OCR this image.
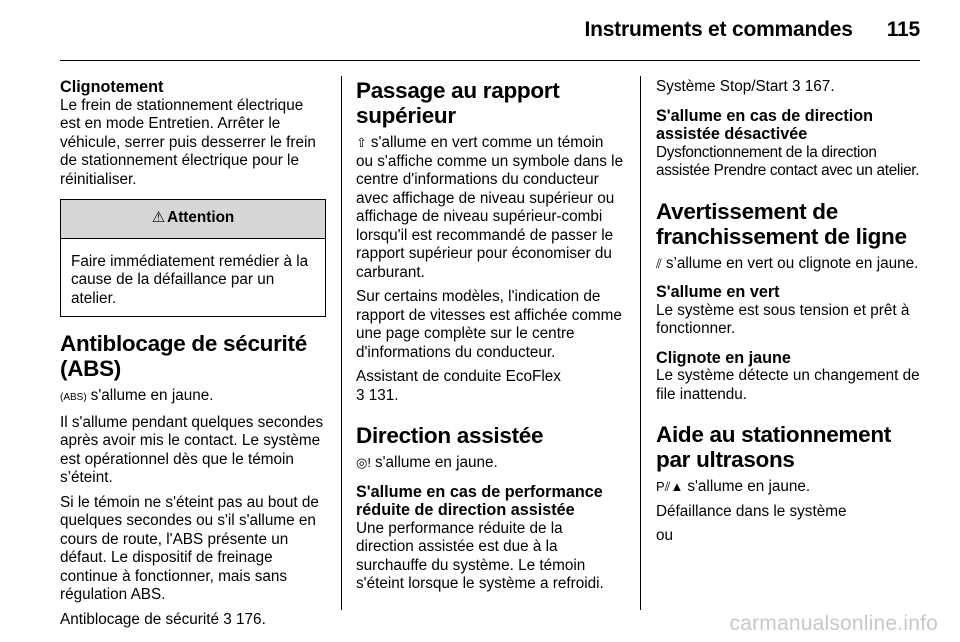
Instruments et commandes 115
Clignotement

Le frein de stationnement électrique est en mode Entretien. Arrêter le véhicule, serrer puis desserrer le frein de stationnement électrique pour le réinitialiser.

⚠ Attention
Faire immédiatement remédier à la cause de la défaillance par un atelier.
Antiblocage de sécurité (ABS)

(ABS) s'allume en jaune.

Il s'allume pendant quelques secondes après avoir mis le contact. Le système est opérationnel dès que le témoin s’éteint.

Si le témoin ne s'éteint pas au bout de quelques secondes ou s'il s'allume en cours de route, l'ABS présente un défaut. Le dispositif de freinage continue à fonctionner, mais sans régulation ABS.

Antiblocage de sécurité 3 176.

Passage au rapport supérieur

⇧ s'allume en vert comme un témoin ou s'affiche comme un symbole dans le centre d'informations du conducteur avec affichage de niveau supérieur ou affichage de niveau supérieur-combi lorsqu'il est recommandé de passer le rapport supérieur pour économiser du carburant.

Sur certains modèles, l'indication de rapport de vitesses est affichée comme une page complète sur le centre d'informations du conducteur.

Assistant de conduite EcoFlex
3 131.

Direction assistée

◎! s'allume en jaune.

S'allume en cas de performance réduite de direction assistée

Une performance réduite de la direction assistée est due à la surchauffe du système. Le témoin s'éteint lorsque le système a refroidi.

Système Stop/Start 3 167.

S'allume en cas de direction assistée désactivée

Dysfonctionnement de la direction assistée Prendre contact avec un atelier.

Avertissement de franchissement de ligne

⫽ s’allume en vert ou clignote en jaune.

S'allume en vert

Le système est sous tension et prêt à fonctionner.

Clignote en jaune

Le système détecte un changement de file inattendu.

Aide au stationnement par ultrasons

P⫽▲ s'allume en jaune.

Défaillance dans le système

ou

carmanualsonline.info
